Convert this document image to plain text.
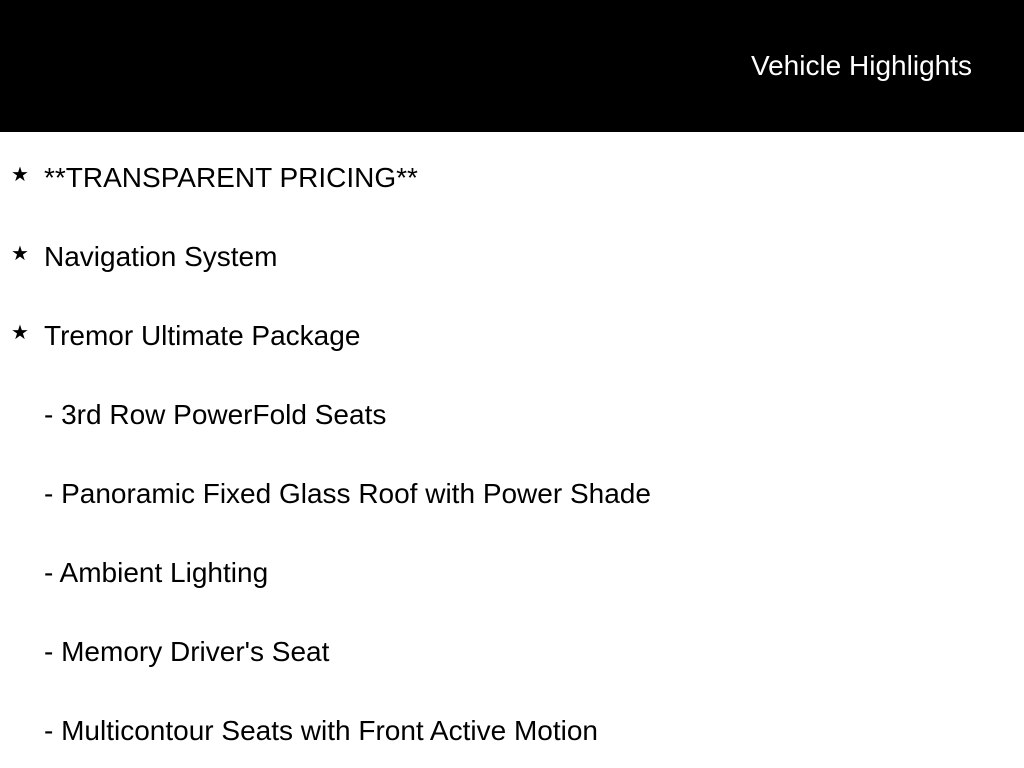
Vehicle Highlights
★ **TRANSPARENT PRICING**
★ Navigation System
★ Tremor Ultimate Package
- 3rd Row PowerFold Seats
- Panoramic Fixed Glass Roof with Power Shade
- Ambient Lighting
- Memory Driver's Seat
- Multicontour Seats with Front Active Motion
